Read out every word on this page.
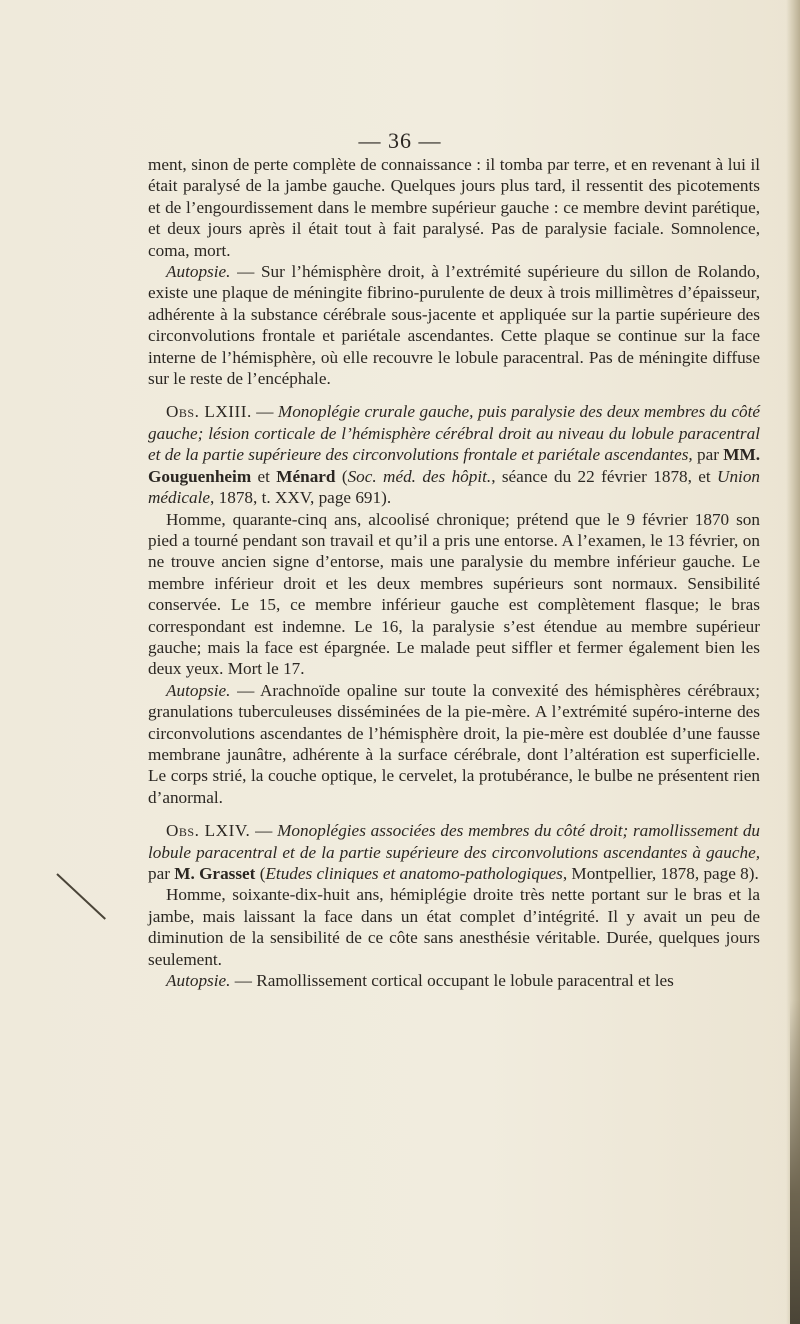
— 36 —

ment, sinon de perte complète de connaissance : il tomba par terre, et en revenant à lui il était paralysé de la jambe gauche. Quelques jours plus tard, il ressentit des picotements et de l’engourdissement dans le membre supérieur gauche : ce membre devint parétique, et deux jours après il était tout à fait paralysé. Pas de paralysie faciale. Somnolence, coma, mort.

Autopsie. — Sur l’hémisphère droit, à l’extrémité supérieure du sillon de Rolando, existe une plaque de méningite fibrino-purulente de deux à trois millimètres d’épaisseur, adhérente à la substance cérébrale sous-jacente et appliquée sur la partie supérieure des circonvolutions frontale et pariétale ascendantes. Cette plaque se continue sur la face interne de l’hémisphère, où elle recouvre le lobule paracentral. Pas de méningite diffuse sur le reste de l’encéphale.

Obs. LXIII. — Monoplégie crurale gauche, puis paralysie des deux membres du côté gauche; lésion corticale de l’hémisphère cérébral droit au niveau du lobule paracentral et de la partie supérieure des circonvolutions frontale et pariétale ascendantes, par MM. Gouguenheim et Ménard (Soc. méd. des hôpit., séance du 22 février 1878, et Union médicale, 1878, t. XXV, page 691).

Homme, quarante-cinq ans, alcoolisé chronique; prétend que le 9 février 1870 son pied a tourné pendant son travail et qu’il a pris une entorse. A l’examen, le 13 février, on ne trouve ancien signe d’entorse, mais une paralysie du membre inférieur gauche. Le membre inférieur droit et les deux membres supérieurs sont normaux. Sensibilité conservée. Le 15, ce membre inférieur gauche est complètement flasque; le bras correspondant est indemne. Le 16, la paralysie s’est étendue au membre supérieur gauche; mais la face est épargnée. Le malade peut siffler et fermer également bien les deux yeux. Mort le 17.

Autopsie. — Arachnoïde opaline sur toute la convexité des hémisphères cérébraux; granulations tuberculeuses disséminées de la pie-mère. A l’extrémité supéro-interne des circonvolutions ascendantes de l’hémisphère droit, la pie-mère est doublée d’une fausse membrane jaunâtre, adhérente à la surface cérébrale, dont l’altération est superficielle. Le corps strié, la couche optique, le cervelet, la protubérance, le bulbe ne présentent rien d’anormal.

Obs. LXIV. — Monoplégies associées des membres du côté droit; ramollissement du lobule paracentral et de la partie supérieure des circonvolutions ascendantes à gauche, par M. Grasset (Etudes cliniques et anatomo-pathologiques, Montpellier, 1878, page 8).

Homme, soixante-dix-huit ans, hémiplégie droite très nette portant sur le bras et la jambe, mais laissant la face dans un état complet d’intégrité. Il y avait un peu de diminution de la sensibilité de ce côte sans anesthésie véritable. Durée, quelques jours seulement.

Autopsie. — Ramollissement cortical occupant le lobule paracentral et les
